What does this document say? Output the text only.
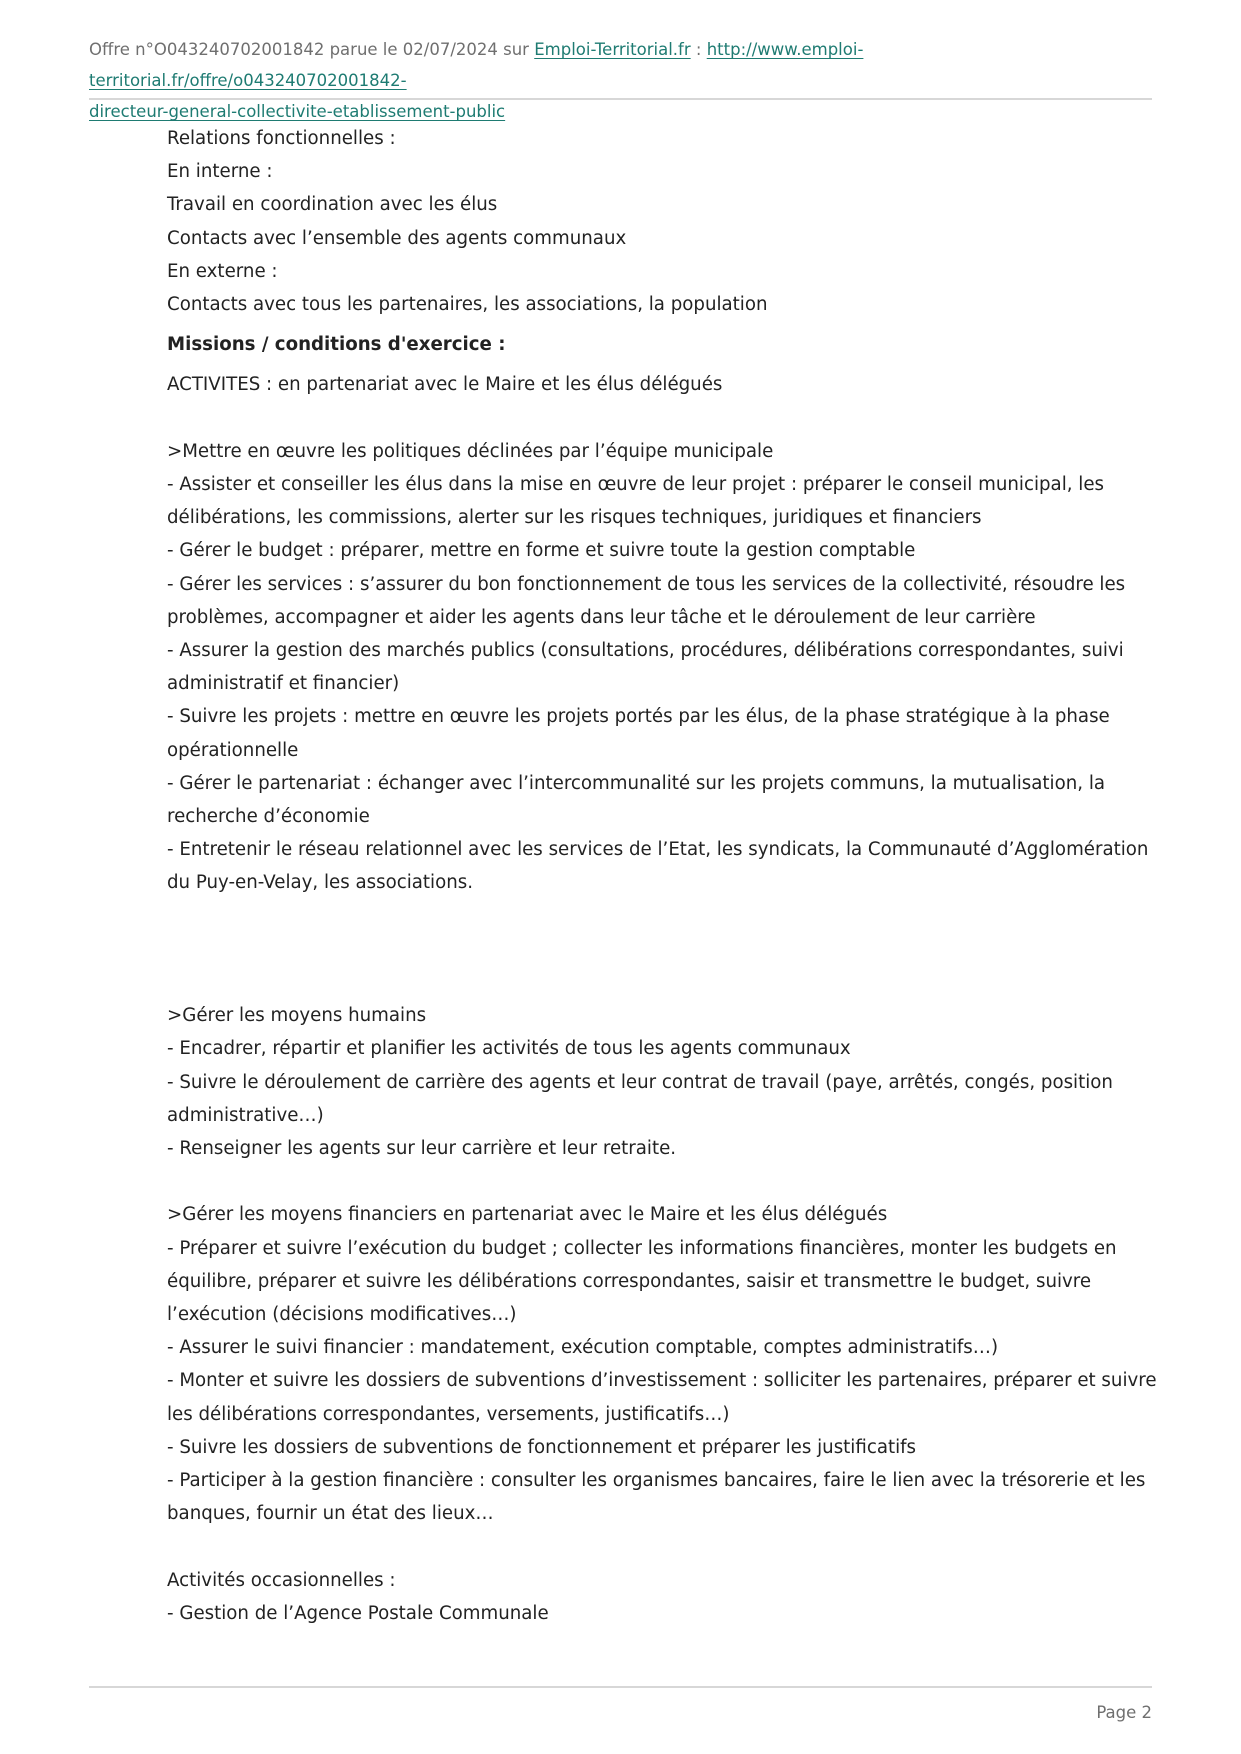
Offre n°O043240702001842 parue le 02/07/2024 sur Emploi-Territorial.fr : http://www.emploi-territorial.fr/offre/o043240702001842-
directeur-general-collectivite-etablissement-public

Relations fonctionnelles :

En interne :

Travail en coordination avec les élus

Contacts avec l’ensemble des agents communaux

En externe :

Contacts avec tous les partenaires, les associations, la population

Missions / conditions d'exercice :

ACTIVITES : en partenariat avec le Maire et les élus délégués

>Mettre en œuvre les politiques déclinées par l’équipe municipale

- Assister et conseiller les élus dans la mise en œuvre de leur projet : préparer le conseil municipal, les délibérations, les commissions, alerter sur les risques techniques, juridiques et financiers

- Gérer le budget : préparer, mettre en forme et suivre toute la gestion comptable

- Gérer les services : s’assurer du bon fonctionnement de tous les services de la collectivité, résoudre les problèmes, accompagner et aider les agents dans leur tâche et le déroulement de leur carrière

- Assurer la gestion des marchés publics (consultations, procédures, délibérations correspondantes, suivi administratif et financier)

- Suivre les projets : mettre en œuvre les projets portés par les élus, de la phase stratégique à la phase opérationnelle

- Gérer le partenariat : échanger avec l’intercommunalité sur les projets communs, la mutualisation, la recherche d’économie

- Entretenir le réseau relationnel avec les services de l’Etat, les syndicats, la Communauté d’Agglomération du Puy-en-Velay, les associations.

>Gérer les moyens humains

- Encadrer, répartir et planifier les activités de tous les agents communaux

- Suivre le déroulement de carrière des agents et leur contrat de travail (paye, arrêtés, congés, position administrative…)

- Renseigner les agents sur leur carrière et leur retraite.

>Gérer les moyens financiers en partenariat avec le Maire et les élus délégués

- Préparer et suivre l’exécution du budget ; collecter les informations financières, monter les budgets en équilibre, préparer et suivre les délibérations correspondantes, saisir et transmettre le budget, suivre l’exécution (décisions modificatives…)

- Assurer le suivi financier : mandatement, exécution comptable, comptes administratifs…)

- Monter et suivre les dossiers de subventions d’investissement : solliciter les partenaires, préparer et suivre les délibérations correspondantes, versements, justificatifs…)

- Suivre les dossiers de subventions de fonctionnement et préparer les justificatifs

- Participer à la gestion financière : consulter les organismes bancaires, faire le lien avec la trésorerie et les banques, fournir un état des lieux…

Activités occasionnelles :

- Gestion de l’Agence Postale Communale

Page 2
